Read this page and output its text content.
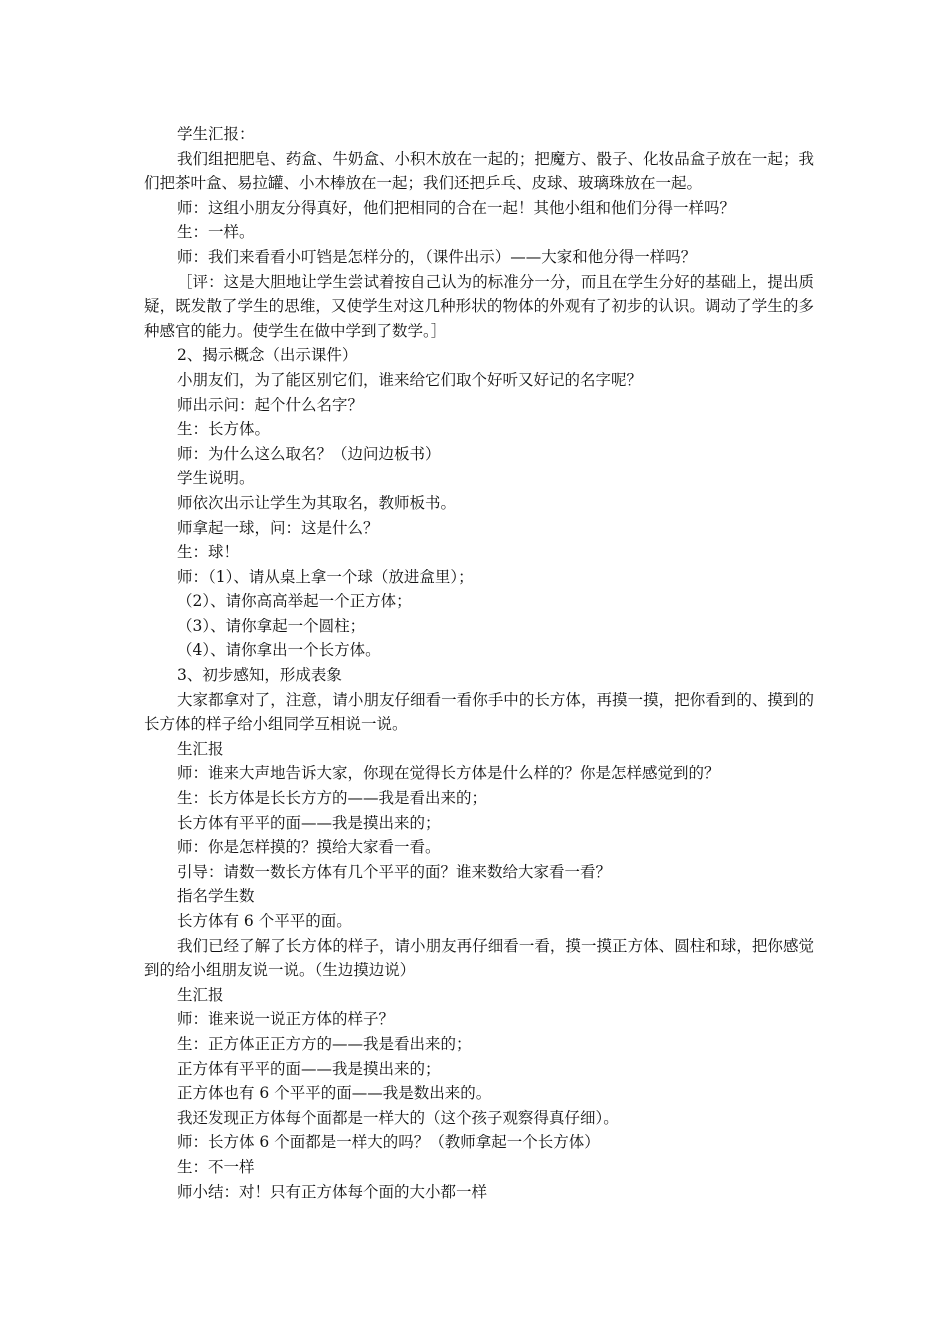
学生汇报：

我们组把肥皂、药盒、牛奶盒、小积木放在一起的；把魔方、骰子、化妆品盒子放在一起；我们把茶叶盒、易拉罐、小木棒放在一起；我们还把乒乓、皮球、玻璃珠放在一起。

师：这组小朋友分得真好，他们把相同的合在一起！其他小组和他们分得一样吗？

生：一样。

师：我们来看看小叮铛是怎样分的，（课件出示）——大家和他分得一样吗？

［评：这是大胆地让学生尝试着按自己认为的标准分一分，而且在学生分好的基础上，提出质疑，既发散了学生的思维，又使学生对这几种形状的物体的外观有了初步的认识。调动了学生的多种感官的能力。使学生在做中学到了数学。］

2、揭示概念（出示课件）

小朋友们，为了能区别它们，谁来给它们取个好听又好记的名字呢？

师出示问：起个什么名字？

生：长方体。

师：为什么这么取名？（边问边板书）

学生说明。

师依次出示让学生为其取名，教师板书。

师拿起一球，问：这是什么？

生：球！

师：（1）、请从桌上拿一个球（放进盒里）；

（2）、请你高高举起一个正方体；

（3）、请你拿起一个圆柱；

（4）、请你拿出一个长方体。

3、初步感知，形成表象

大家都拿对了，注意，请小朋友仔细看一看你手中的长方体，再摸一摸，把你看到的、摸到的长方体的样子给小组同学互相说一说。

生汇报

师：谁来大声地告诉大家，你现在觉得长方体是什么样的？你是怎样感觉到的？

生：长方体是长长方方的——我是看出来的；

长方体有平平的面——我是摸出来的；

师：你是怎样摸的？摸给大家看一看。

引导：请数一数长方体有几个平平的面？谁来数给大家看一看？

指名学生数

长方体有 6 个平平的面。

我们已经了解了长方体的样子，请小朋友再仔细看一看，摸一摸正方体、圆柱和球，把你感觉到的给小组朋友说一说。（生边摸边说）

生汇报

师：谁来说一说正方体的样子？

生：正方体正正方方的——我是看出来的；

正方体有平平的面——我是摸出来的；

正方体也有 6 个平平的面——我是数出来的。

我还发现正方体每个面都是一样大的（这个孩子观察得真仔细）。

师：长方体 6 个面都是一样大的吗？（教师拿起一个长方体）

生：不一样

师小结：对！只有正方体每个面的大小都一样
